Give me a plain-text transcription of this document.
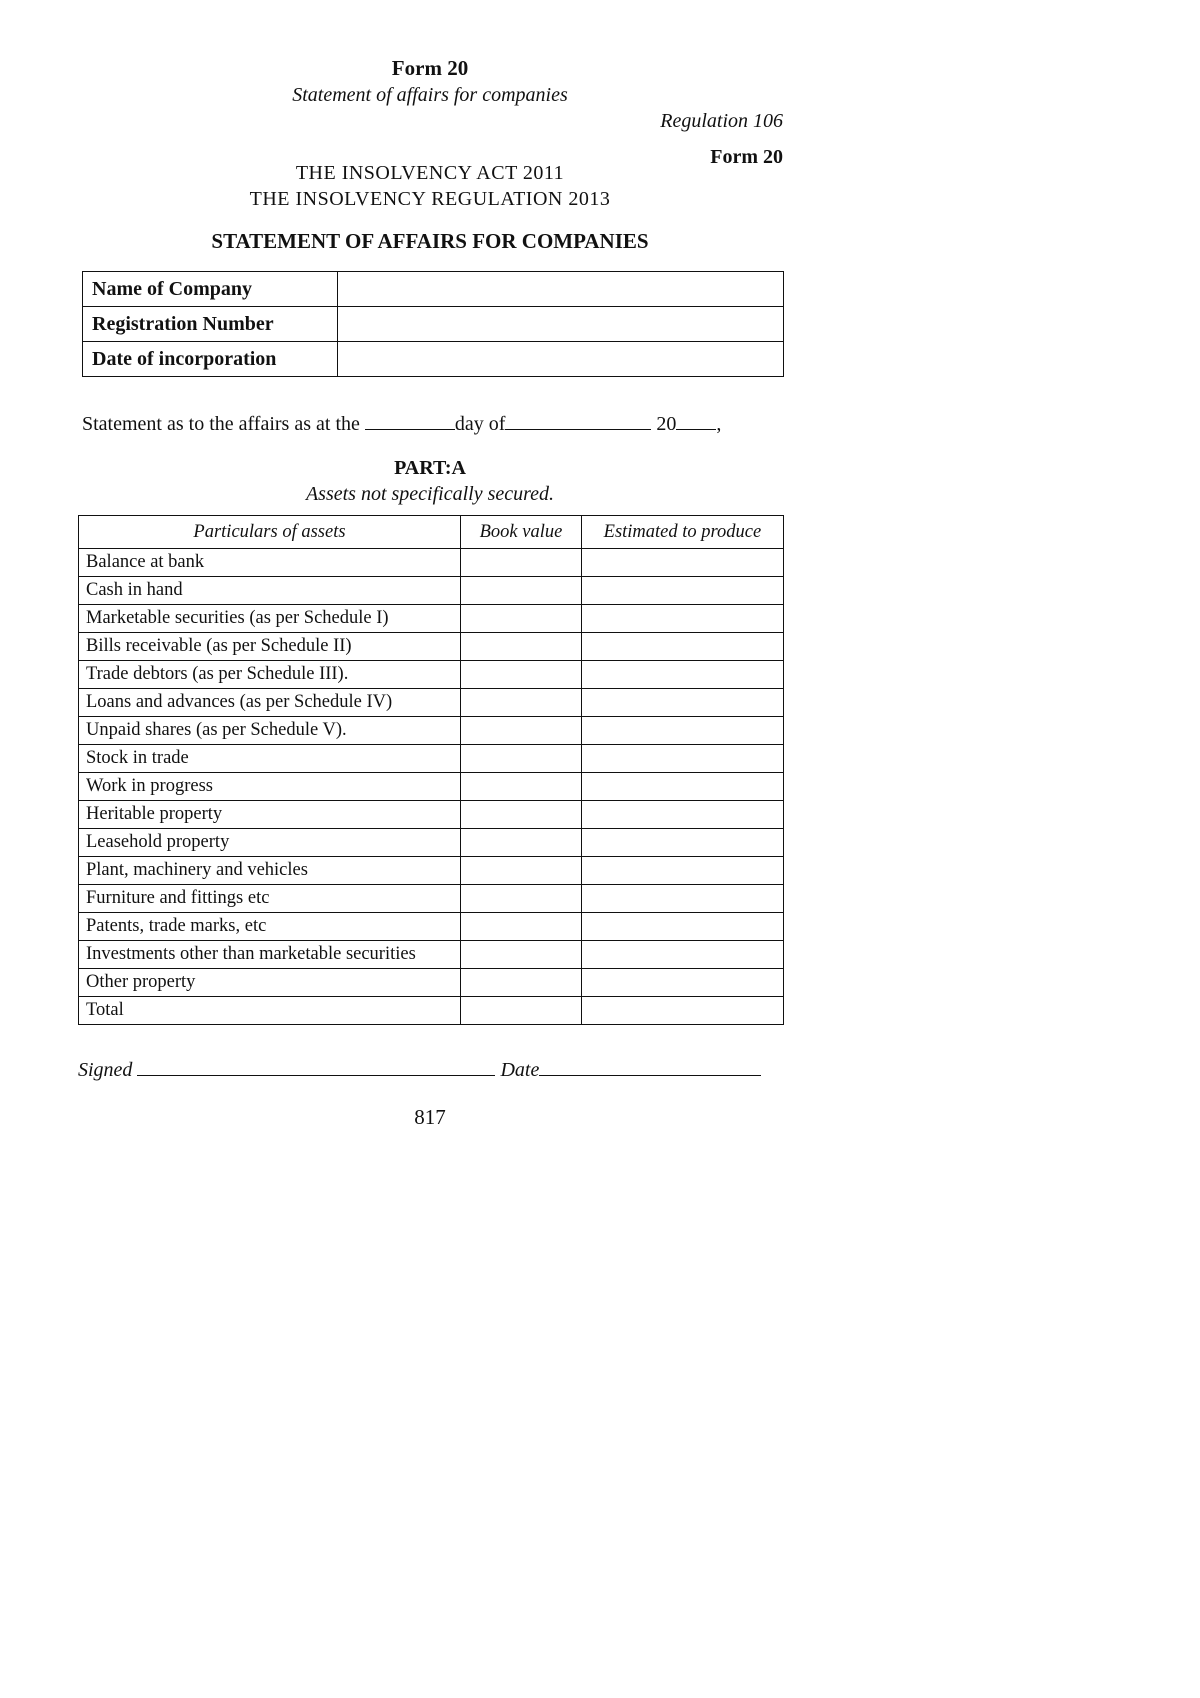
Form 20
Statement of affairs for companies
Regulation 106
Form 20
THE INSOLVENCY ACT 2011
THE INSOLVENCY REGULATION 2013
STATEMENT OF AFFAIRS FOR COMPANIES
Name of Company	
Registration Number	
Date of incorporation	
Statement as to the affairs as at the	day of	20 ,
PART:A
Assets not specifically secured.
Particulars of assets	Book value	Estimated to produce
Balance at bank		
Cash in hand		
Marketable securities (as per Schedule I)		
Bills receivable (as per Schedule II)		
Trade debtors (as per Schedule III).		
Loans and advances (as per Schedule IV)		
Unpaid shares (as per Schedule V).		
Stock in trade		
Work in progress		
Heritable property		
Leasehold property		
Plant, machinery and vehicles		
Furniture and fittings etc		
Patents, trade marks, etc		
Investments other than marketable securities		
Other property		
Total		
Signed	Date
817
